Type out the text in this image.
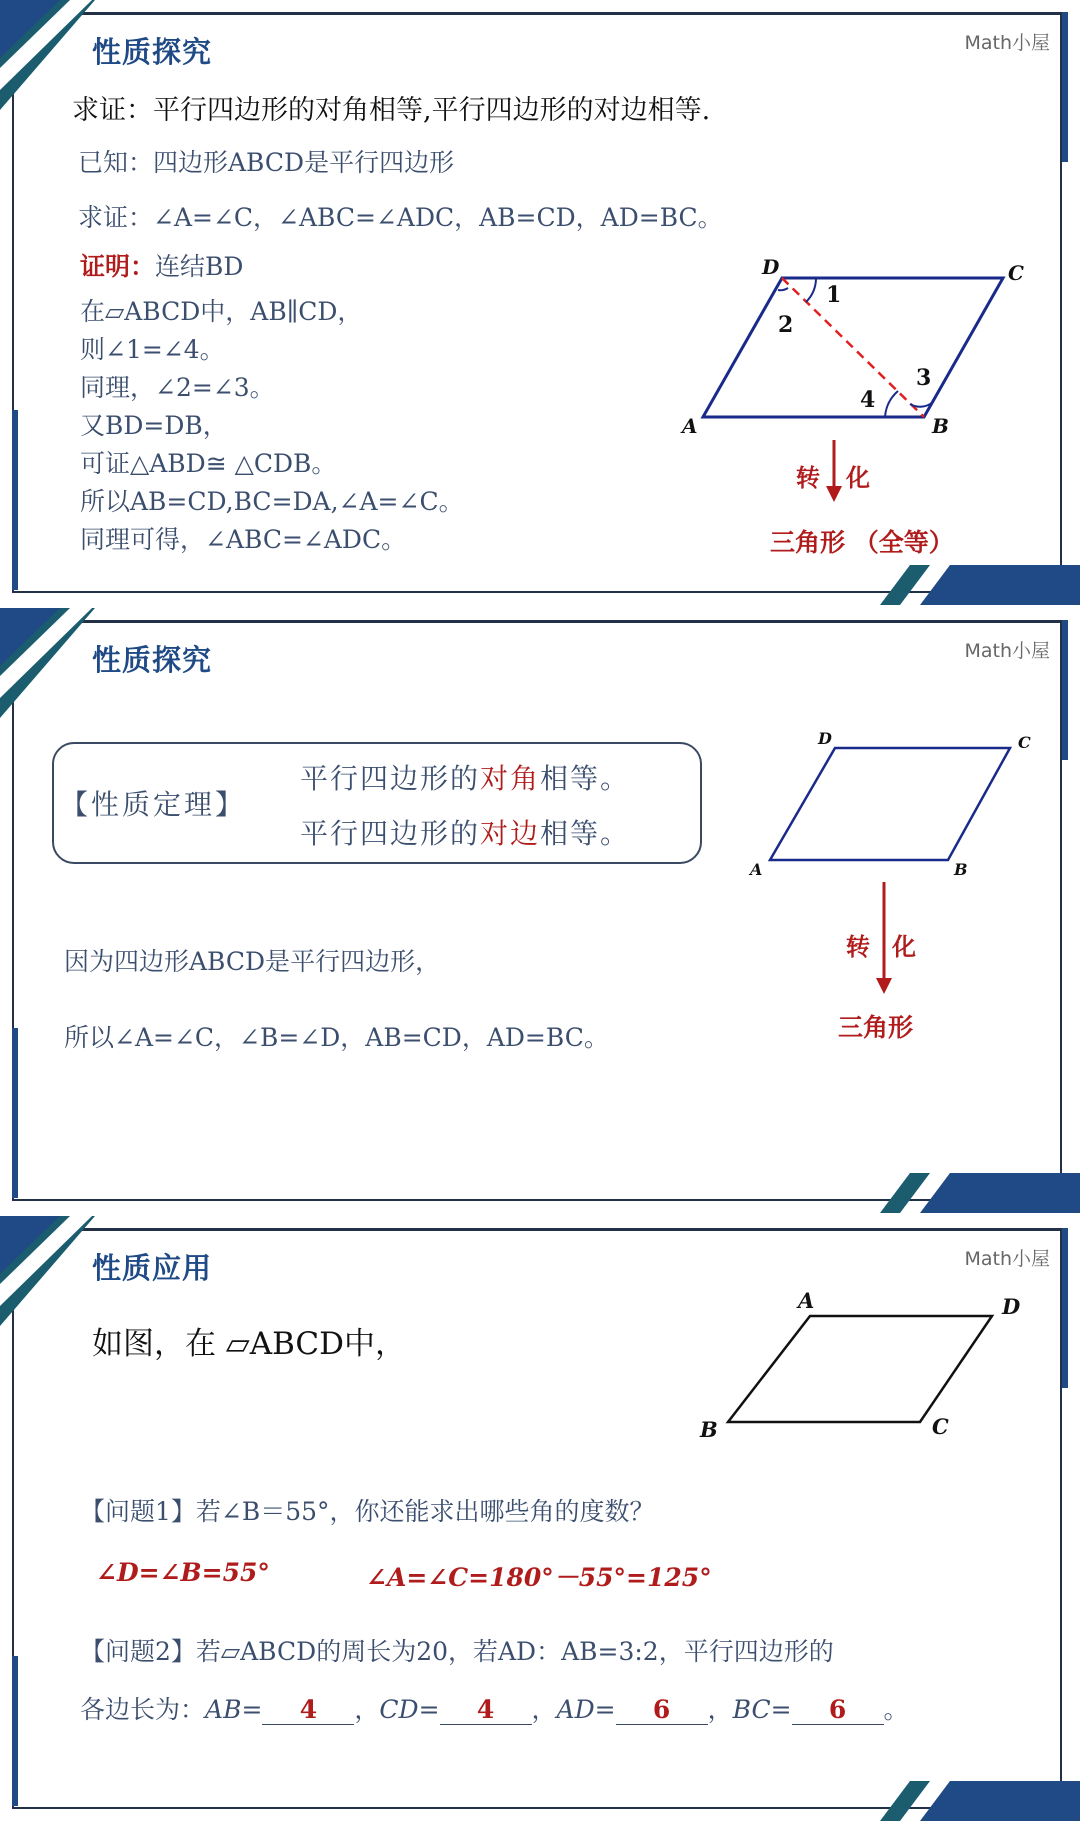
性质探究	Math小屋
求证：平行四边形的对角相等,平行四边形的对边相等.
已知：四边形ABCD是平行四边形
求证：∠A=∠C，∠ABC=∠ADC，AB=CD，AD=BC。
证明：连结BD
在▱ABCD中，AB∥CD，
则∠1=∠4。
同理，∠2=∠3。
又BD=DB，
可证△ABD≅ △CDB。
所以AB=CD,BC=DA,∠A=∠C。
同理可得，∠ABC=∠ADC。
A	B
C
D
1
2
3
4
转 化
三角形 （全等）
性质探究	Math小屋
【性质定理】
平行四边形的对角相等。
平行四边形的对边相等。
因为四边形ABCD是平行四边形，
所以∠A=∠C，∠B=∠D，AB=CD，AD=BC。
A	B
C
D
转 化
三角形
性质应用	Math小屋
如图，在 ▱ABCD中，
A
B	C
D
【问题1】若∠B＝55°，你还能求出哪些角的度数？
∠D=∠B=55°	∠A=∠C=180°－55°=125°
【问题2】若▱ABCD的周长为20，若AD：AB=3:2，平行四边形的
各边长为：AB= 4 ，CD= 4 ，AD= 6 ，BC= 6 。
